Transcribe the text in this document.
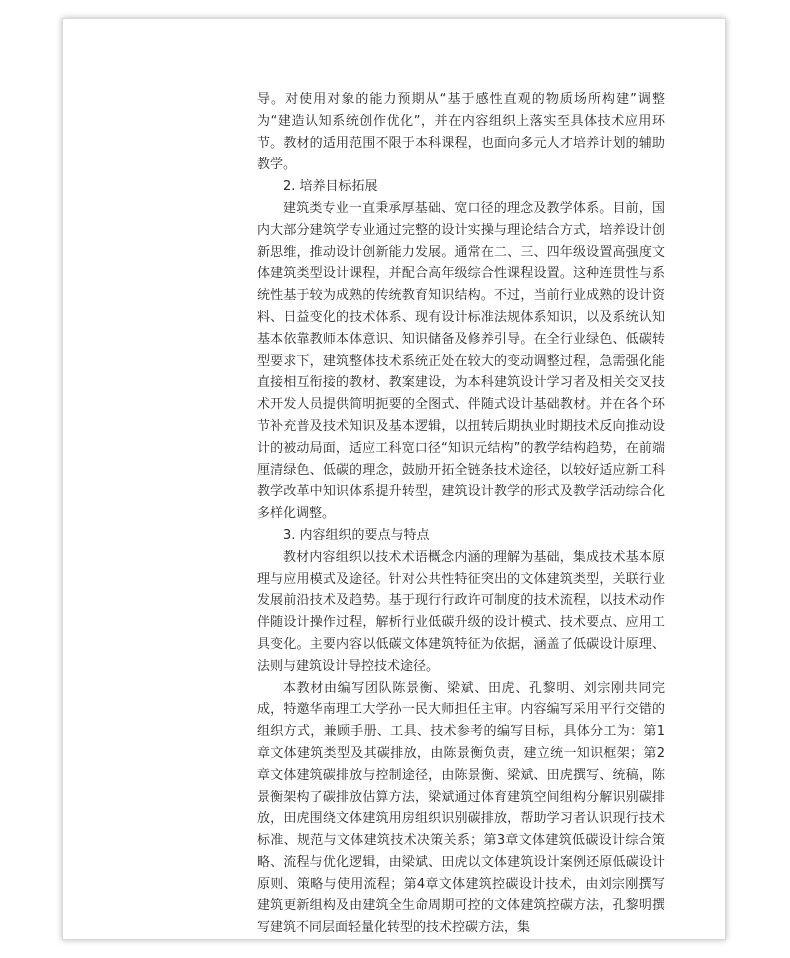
导。对使用对象的能力预期从“基于感性直观的物质场所构建”调整为“建造认知系统创作优化”，并在内容组织上落实至具体技术应用环节。教材的适用范围不限于本科课程，也面向多元人才培养计划的辅助教学。

2. 培养目标拓展

建筑类专业一直秉承厚基础、宽口径的理念及教学体系。目前，国内大部分建筑学专业通过完整的设计实操与理论结合方式，培养设计创新思维，推动设计创新能力发展。通常在二、三、四年级设置高强度文体建筑类型设计课程，并配合高年级综合性课程设置。这种连贯性与系统性基于较为成熟的传统教育知识结构。不过，当前行业成熟的设计资料、日益变化的技术体系、现有设计标准法规体系知识，以及系统认知基本依靠教师本体意识、知识储备及修养引导。在全行业绿色、低碳转型要求下，建筑整体技术系统正处在较大的变动调整过程，急需强化能直接相互衔接的教材、教案建设，为本科建筑设计学习者及相关交叉技术开发人员提供简明扼要的全图式、伴随式设计基础教材。并在各个环节补充普及技术知识及基本逻辑，以扭转后期执业时期技术反向推动设计的被动局面，适应工科宽口径“知识元结构”的教学结构趋势，在前端厘清绿色、低碳的理念，鼓励开拓全链条技术途径，以较好适应新工科教学改革中知识体系提升转型，建筑设计教学的形式及教学活动综合化多样化调整。

3. 内容组织的要点与特点

教材内容组织以技术术语概念内涵的理解为基础，集成技术基本原理与应用模式及途径。针对公共性特征突出的文体建筑类型，关联行业发展前沿技术及趋势。基于现行行政许可制度的技术流程，以技术动作伴随设计操作过程，解析行业低碳升级的设计模式、技术要点、应用工具变化。主要内容以低碳文体建筑特征为依据，涵盖了低碳设计原理、法则与建筑设计导控技术途径。

本教材由编写团队陈景衡、梁斌、田虎、孔黎明、刘宗刚共同完成，特邀华南理工大学孙一民大师担任主审。内容编写采用平行交错的组织方式，兼顾手册、工具、技术参考的编写目标，具体分工为：第1章文体建筑类型及其碳排放，由陈景衡负责，建立统一知识框架；第2章文体建筑碳排放与控制途径，由陈景衡、梁斌、田虎撰写、统稿，陈景衡架构了碳排放估算方法，梁斌通过体育建筑空间组构分解识别碳排放，田虎围绕文体建筑用房组织识别碳排放，帮助学习者认识现行技术标准、规范与文体建筑技术决策关系；第3章文体建筑低碳设计综合策略、流程与优化逻辑，由梁斌、田虎以文体建筑设计案例还原低碳设计原则、策略与使用流程；第4章文体建筑控碳设计技术，由刘宗刚撰写建筑更新组构及由建筑全生命周期可控的文体建筑控碳方法，孔黎明撰写建筑不同层面轻量化转型的技术控碳方法，集
